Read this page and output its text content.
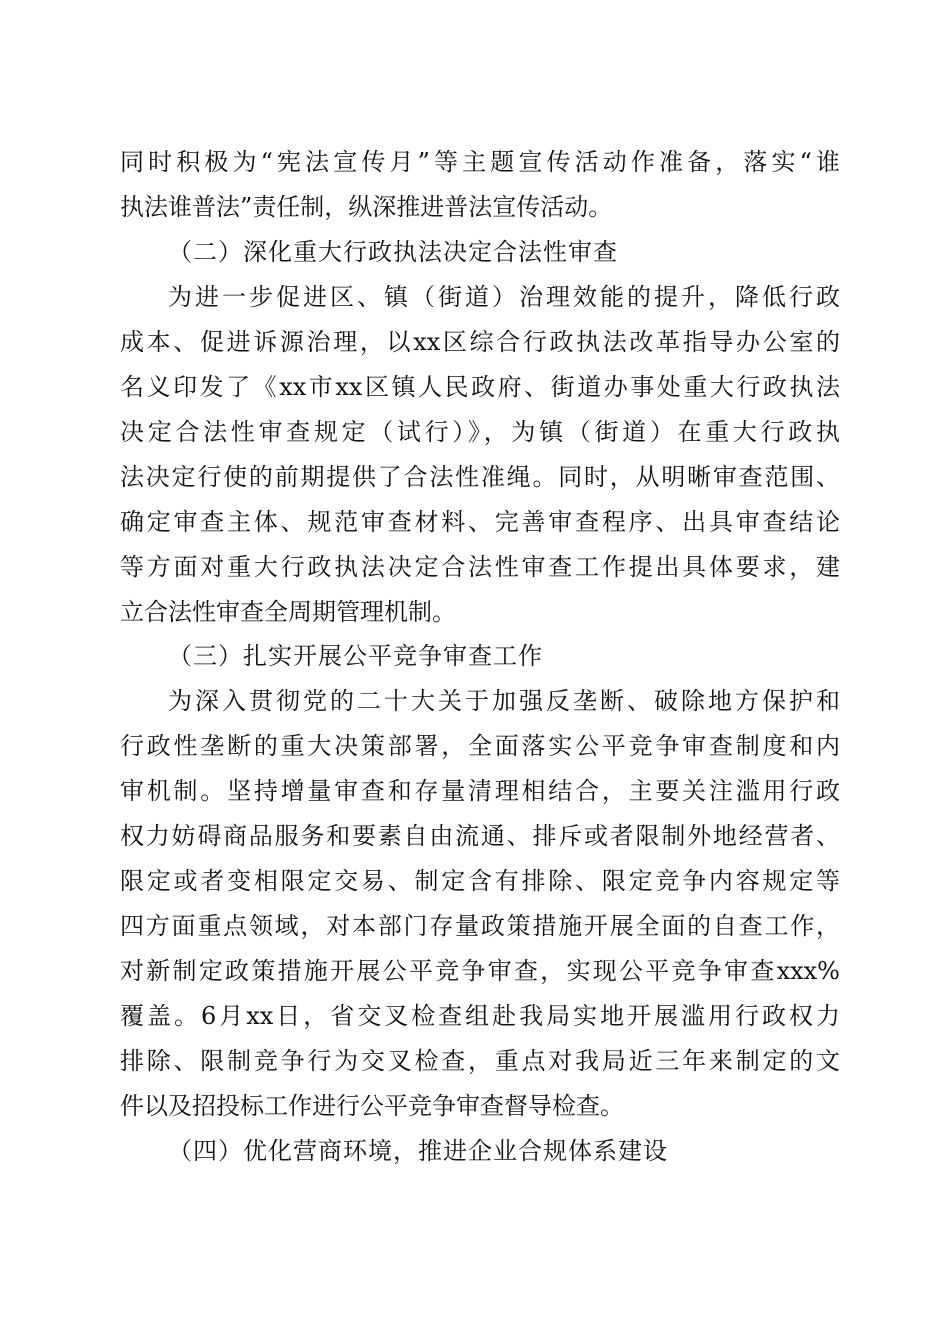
同时积极为“宪法宣传月”等主题宣传活动作准备，落实“谁
执法谁普法”责任制，纵深推进普法宣传活动。
（二）深化重大行政执法决定合法性审查
为进一步促进区、镇（街道）治理效能的提升，降低行政
成本、促进诉源治理，以xx区综合行政执法改革指导办公室的
名义印发了《xx市xx区镇人民政府、街道办事处重大行政执法
决定合法性审查规定（试行）》，为镇（街道）在重大行政执
法决定行使的前期提供了合法性准绳。同时，从明晰审查范围、
确定审查主体、规范审查材料、完善审查程序、出具审查结论
等方面对重大行政执法决定合法性审查工作提出具体要求，建
立合法性审查全周期管理机制。
（三）扎实开展公平竞争审查工作
为深入贯彻党的二十大关于加强反垄断、破除地方保护和
行政性垄断的重大决策部署，全面落实公平竞争审查制度和内
审机制。坚持增量审查和存量清理相结合，主要关注滥用行政
权力妨碍商品服务和要素自由流通、排斥或者限制外地经营者、
限定或者变相限定交易、制定含有排除、限定竞争内容规定等
四方面重点领域，对本部门存量政策措施开展全面的自查工作，
对新制定政策措施开展公平竞争审查，实现公平竞争审查xxx%
覆盖。6月xx日，省交叉检查组赴我局实地开展滥用行政权力
排除、限制竞争行为交叉检查，重点对我局近三年来制定的文
件以及招投标工作进行公平竞争审查督导检查。
（四）优化营商环境，推进企业合规体系建设
